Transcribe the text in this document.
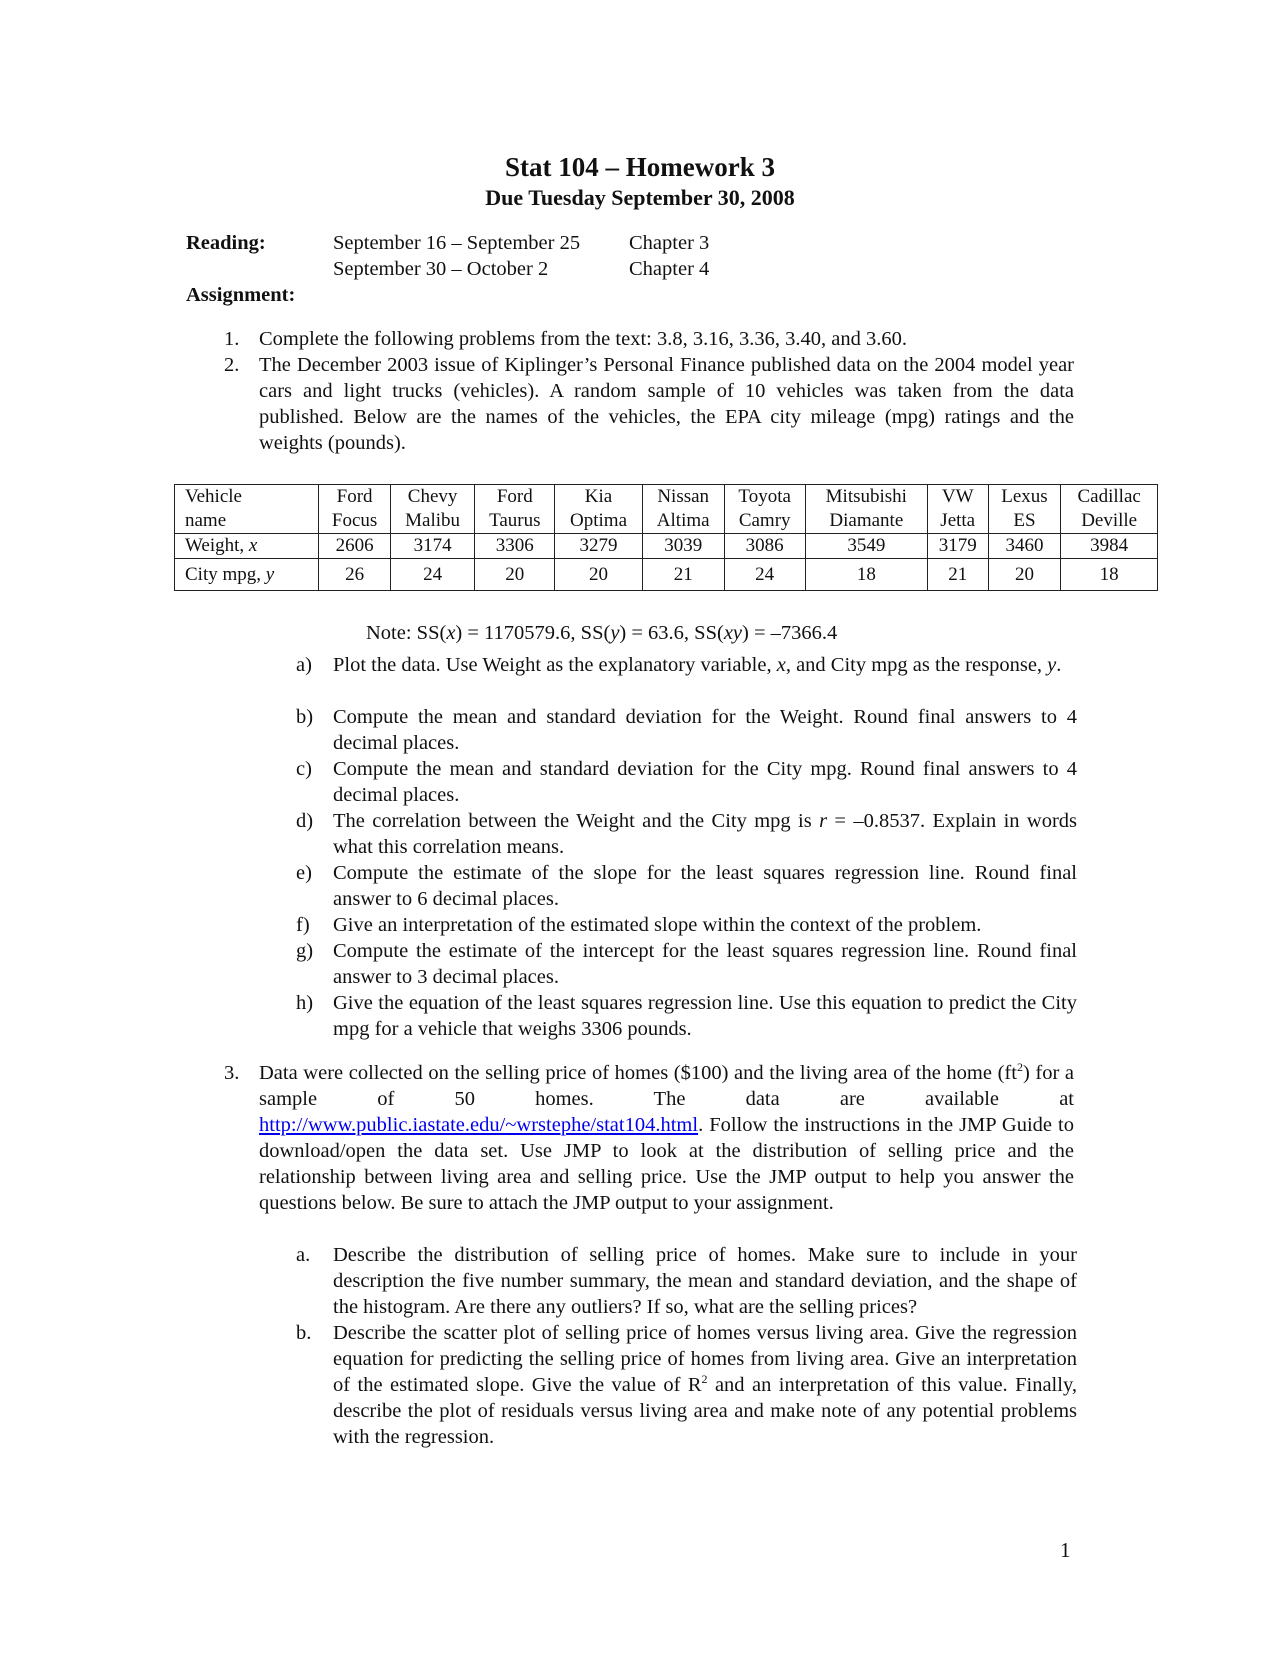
Stat 104 – Homework 3
Due Tuesday September 30, 2008
Reading:	September 16 – September 25 Chapter 3
September 30 – October 2	Chapter 4
Assignment:
1. Complete the following problems from the text: 3.8, 3.16, 3.36, 3.40, and 3.60.
2. The December 2003 issue of Kiplinger’s Personal Finance published data on the 2004 model year cars and light trucks (vehicles). A random sample of 10 vehicles was taken from the data published. Below are the names of the vehicles, the EPA city mileage (mpg) ratings and the weights (pounds).
Vehicle	Ford	Chevy	Ford	Kia	Nissan	Toyota	Mitsubishi	VW	Lexus	Cadillac
name	Focus	Malibu	Taurus	Optima	Altima	Camry	Diamante	Jetta	ES	Deville
Weight, x	2606	3174	3306	3279	3039	3086	3549	3179	3460	3984
City mpg, y	26	24	20	20	21	24	18	21	20	18
Note: SS(x) = 1170579.6, SS(y) = 63.6, SS(xy) = –7366.4
a)	Plot the data. Use Weight as the explanatory variable, x, and City mpg as the response, y.
b) Compute the mean and standard deviation for the Weight. Round final answers to 4 decimal places.
c)	Compute the mean and standard deviation for the City mpg. Round final answers to 4 decimal places.
d) The correlation between the Weight and the City mpg is r = –0.8537. Explain in words what this correlation means.
e)	Compute the estimate of the slope for the least squares regression line. Round final answer to 6 decimal places.
f)	Give an interpretation of the estimated slope within the context of the problem.
g) Compute the estimate of the intercept for the least squares regression line. Round final answer to 3 decimal places.
h) Give the equation of the least squares regression line. Use this equation to predict the City mpg for a vehicle that weighs 3306 pounds.
3. Data were collected on the selling price of homes ($100) and the living area of the home $(ft^2)$ for a sample of 50 homes. The data are available at http://www.public.iastate.edu/~wrstephe/stat104.html. Follow the instructions in the JMP Guide to download/open the data set. Use JMP to look at the distribution of selling price and the relationship between living area and selling price. Use the JMP output to help you answer the questions below. Be sure to attach the JMP output to your assignment.
a.	Describe the distribution of selling price of homes. Make sure to include in your description the five number summary, the mean and standard deviation, and the shape of the histogram. Are there any outliers? If so, what are the selling prices?
b.	Describe the scatter plot of selling price of homes versus living area. Give the regression equation for predicting the selling price of homes from living area. Give an interpretation of the estimated slope. Give the value of $R^2$ and an interpretation of this value. Finally, describe the plot of residuals versus living area and make note of any potential problems with the regression.
1
